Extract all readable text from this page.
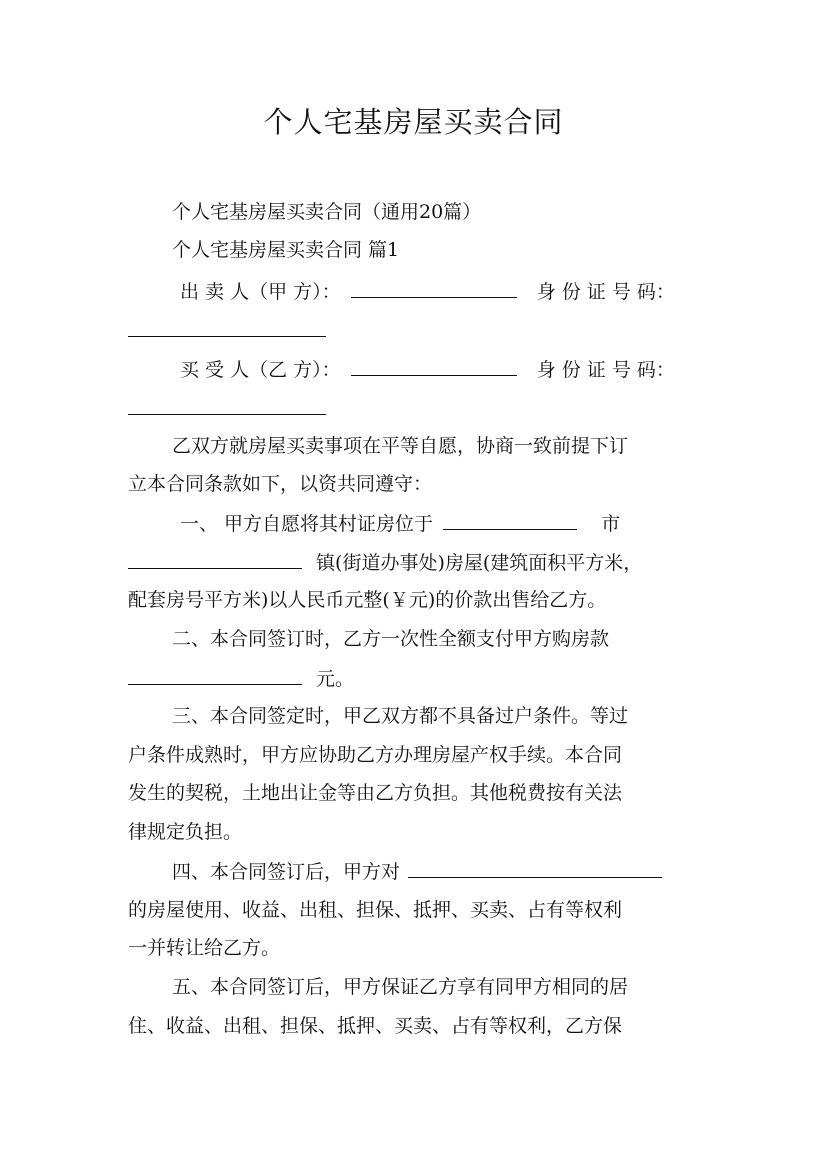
个人宅基房屋买卖合同
个人宅基房屋买卖合同（通用20篇）
个人宅基房屋买卖合同 篇1
出 卖 人（甲 方）：	身 份 证 号 码：
买 受 人（乙 方）：	身 份 证 号 码：
乙双方就房屋买卖事项在平等自愿，协商一致前提下订
立本合同条款如下，以资共同遵守：
一、 甲方自愿将其村证房位于	市
镇(街道办事处)房屋(建筑面积平方米，
配套房号平方米)以人民币元整(￥元)的价款出售给乙方。
二、本合同签订时，乙方一次性全额支付甲方购房款
元。
三、本合同签定时，甲乙双方都不具备过户条件。等过
户条件成熟时，甲方应协助乙方办理房屋产权手续。本合同
发生的契税，土地出让金等由乙方负担。其他税费按有关法
律规定负担。
四、本合同签订后，甲方对
的房屋使用、收益、出租、担保、抵押、买卖、占有等权利
一并转让给乙方。
五、本合同签订后，甲方保证乙方享有同甲方相同的居
住、收益、出租、担保、抵押、买卖、占有等权利，乙方保
